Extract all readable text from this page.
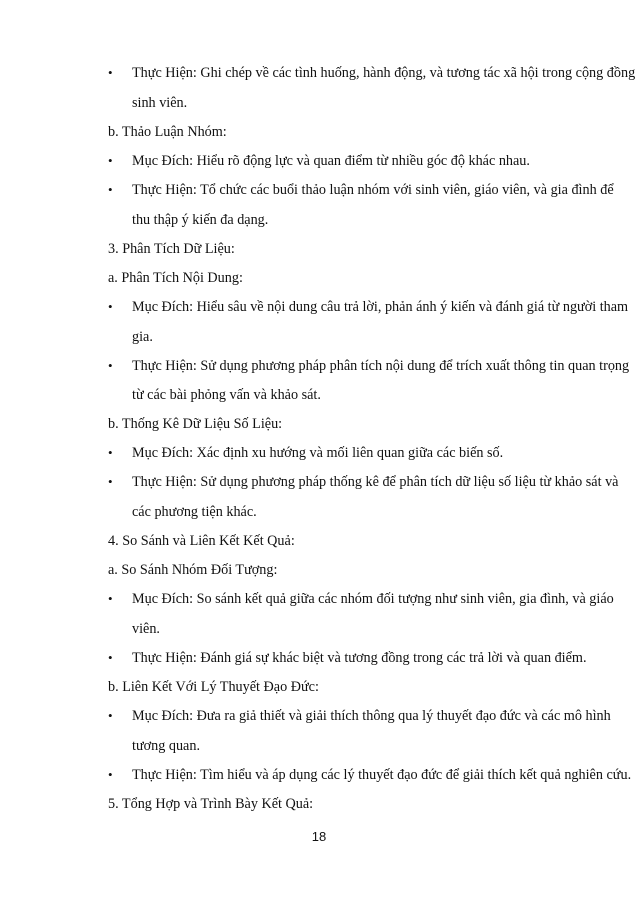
• Thực Hiện: Ghi chép về các tình huống, hành động, và tương tác xã hội trong cộng đồng
sinh viên.
b. Thảo Luận Nhóm:
• Mục Đích: Hiểu rõ động lực và quan điểm từ nhiều góc độ khác nhau.
• Thực Hiện: Tổ chức các buổi thảo luận nhóm với sinh viên, giáo viên, và gia đình để
thu thập ý kiến đa dạng.
3. Phân Tích Dữ Liệu:
a. Phân Tích Nội Dung:
• Mục Đích: Hiểu sâu về nội dung câu trả lời, phản ánh ý kiến và đánh giá từ người tham
gia.
• Thực Hiện: Sử dụng phương pháp phân tích nội dung để trích xuất thông tin quan trọng
từ các bài phỏng vấn và khảo sát.
b. Thống Kê Dữ Liệu Số Liệu:
• Mục Đích: Xác định xu hướng và mối liên quan giữa các biến số.
• Thực Hiện: Sử dụng phương pháp thống kê để phân tích dữ liệu số liệu từ khảo sát và
các phương tiện khác.
4. So Sánh và Liên Kết Kết Quả:
a. So Sánh Nhóm Đối Tượng:
• Mục Đích: So sánh kết quả giữa các nhóm đối tượng như sinh viên, gia đình, và giáo
viên.
• Thực Hiện: Đánh giá sự khác biệt và tương đồng trong các trả lời và quan điểm.
b. Liên Kết Với Lý Thuyết Đạo Đức:
• Mục Đích: Đưa ra giả thiết và giải thích thông qua lý thuyết đạo đức và các mô hình
tương quan.
• Thực Hiện: Tìm hiểu và áp dụng các lý thuyết đạo đức để giải thích kết quả nghiên cứu.
5. Tổng Hợp và Trình Bày Kết Quả:
18
